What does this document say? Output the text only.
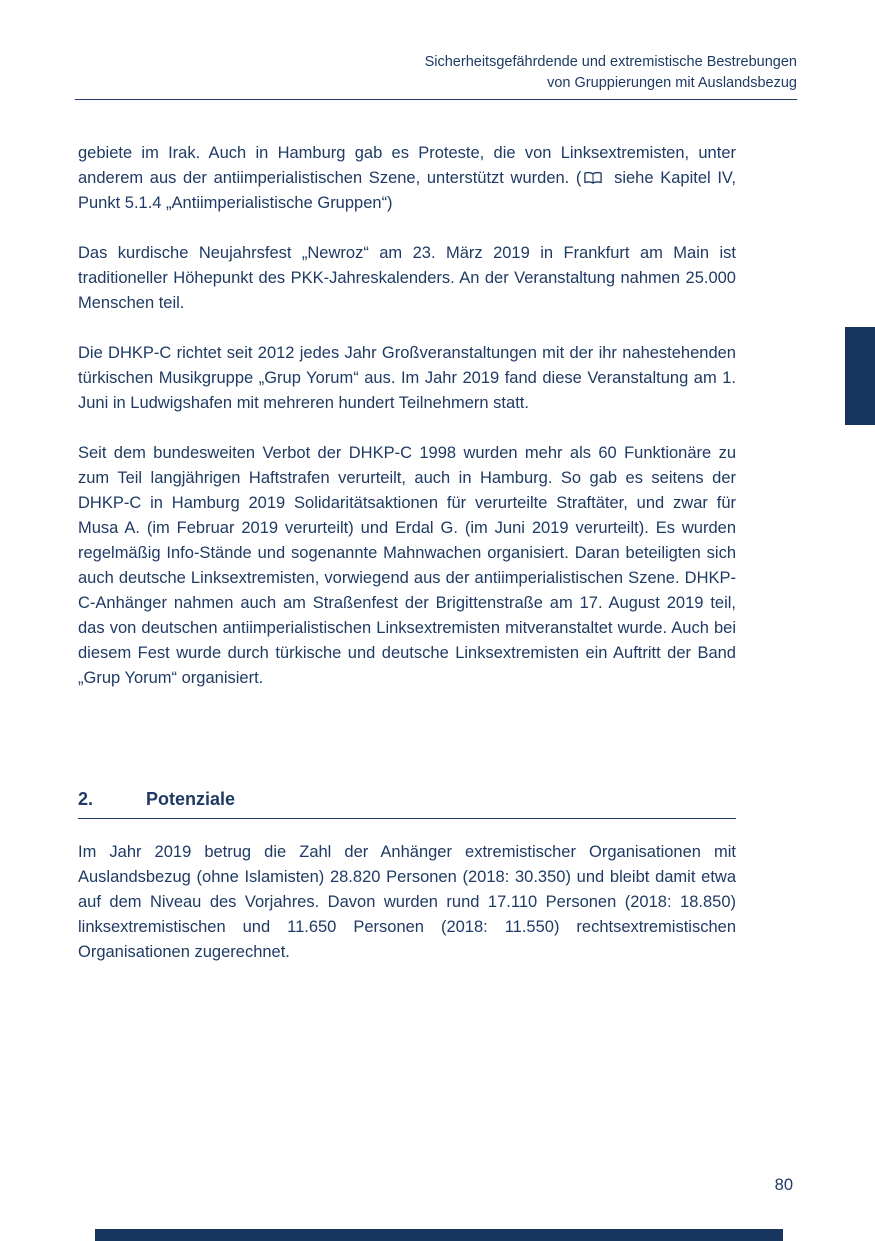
Sicherheitsgefährdende und extremistische Bestrebungen
von Gruppierungen mit Auslandsbezug

gebiete im Irak. Auch in Hamburg gab es Proteste, die von Linksextremisten, unter anderem aus der antiimperialistischen Szene, unterstützt wurden. ( siehe Kapitel IV, Punkt 5.1.4 „Antiimperialistische Gruppen“)

Das kurdische Neujahrsfest „Newroz“ am 23. März 2019 in Frankfurt am Main ist traditioneller Höhepunkt des PKK-Jahreskalenders. An der Veranstaltung nahmen 25.000 Menschen teil.

Die DHKP-C richtet seit 2012 jedes Jahr Großveranstaltungen mit der ihr nahestehenden türkischen Musikgruppe „Grup Yorum“ aus. Im Jahr 2019 fand diese Veranstaltung am 1. Juni in Ludwigshafen mit mehreren hundert Teilnehmern statt.

Seit dem bundesweiten Verbot der DHKP-C 1998 wurden mehr als 60 Funktionäre zu zum Teil langjährigen Haftstrafen verurteilt, auch in Hamburg. So gab es seitens der DHKP-C in Hamburg 2019 Solidaritätsaktionen für verurteilte Straftäter, und zwar für Musa A. (im Februar 2019 verurteilt) und Erdal G. (im Juni 2019 verurteilt). Es wurden regelmäßig Info-Stände und sogenannte Mahnwachen organisiert. Daran beteiligten sich auch deutsche Linksextremisten, vorwiegend aus der antiimperialistischen Szene. DHKP-C-Anhänger nahmen auch am Straßenfest der Brigittenstraße am 17. August 2019 teil, das von deutschen antiimperialistischen Linksextremisten mitveranstaltet wurde. Auch bei diesem Fest wurde durch türkische und deutsche Linksextremisten ein Auftritt der Band „Grup Yorum“ organisiert.

2.	Potenziale

Im Jahr 2019 betrug die Zahl der Anhänger extremistischer Organisationen mit Auslandsbezug (ohne Islamisten) 28.820 Personen (2018: 30.350) und bleibt damit etwa auf dem Niveau des Vorjahres. Davon wurden rund 17.110 Personen (2018: 18.850) linksextremistischen und 11.650 Personen (2018: 11.550) rechtsextremistischen Organisationen zugerechnet.

80
